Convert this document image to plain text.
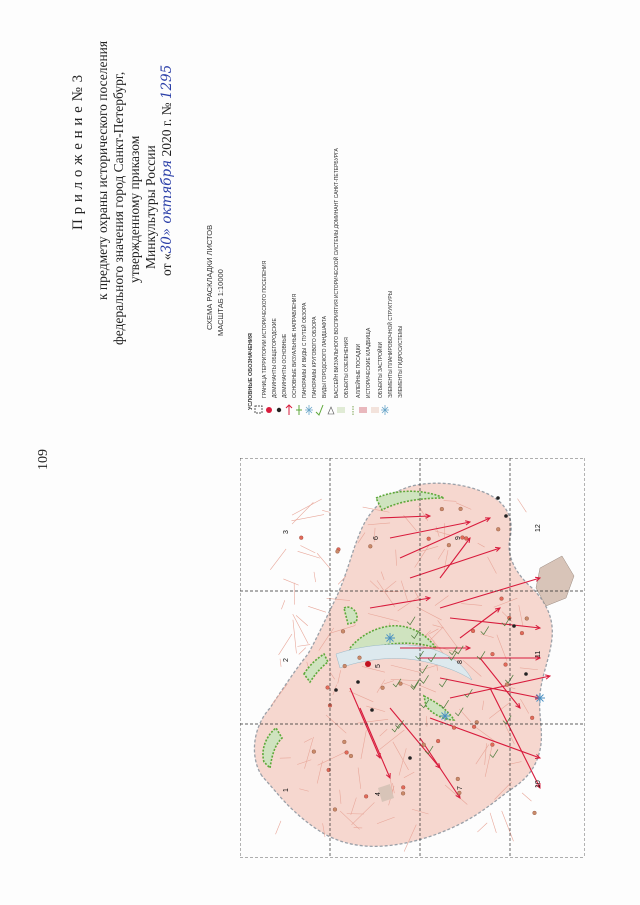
109
П р и л о ж е н и е № 3 к предмету охраны исторического поселения федерального значения город Санкт-Петербург, утвержденному приказом Минкультуры России от «30» октября 2020 г. № 1295
СХЕМА РАСКЛАДКИ ЛИСТОВ МАСШТАБ 1:10000
УСЛОВНЫЕ ОБОЗНАЧЕНИЯ ГРАНИЦА ТЕРРИТОРИИ ИСТОРИЧЕСКОГО ПОСЕЛЕНИЯ ДОМИНАНТЫ ОБЩЕГОРОДСКИЕ ДОМИНАНТЫ ОСНОВНЫЕ ОСНОВНЫЕ ВИЗУАЛЬНЫЕ НАПРАВЛЕНИЯ ПАНОРАМЫ И ВИДЫ С ПУТЕЙ ОБЗОРА ПАНОРАМЫ КРУГОВОГО ОБЗОРА ВИДЫ ГОРОДСКОГО ЛАНДШАФТА БАССЕЙН ВИЗУАЛЬНОГО ВОСПРИЯТИЯ ИСТОРИЧЕСКОЙ СИСТЕМЫ ДОМИНАНТ САНКТ-ПЕТЕРБУРГА ОБЪЕКТЫ ОЗЕЛЕНЕНИЯ АЛЛЕЙНЫЕ ПОСАДКИ ИСТОРИЧЕСКИЕ КЛАДБИЩА ОБЪЕКТЫ ЗАСТРОЙКИ ЭЛЕМЕНТЫ ПЛАНИРОВОЧНОЙ СТРУКТУРЫ ЭЛЕМЕНТЫ ГИДРОСИСТЕМЫ
1
2
3
4
5
6
7
8
9
10
11
12
